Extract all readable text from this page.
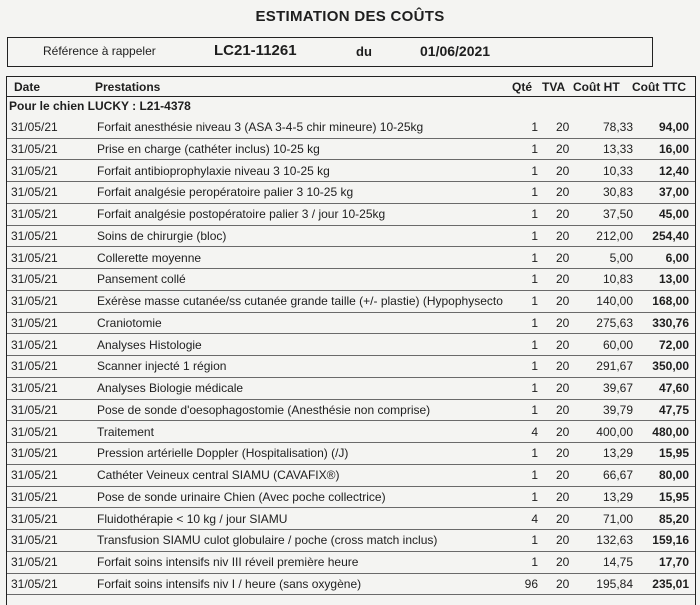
ESTIMATION DES COÛTS
Référence à rappeler	LC21-11261	du	01/06/2021
Date	Prestations	Qté TVA Coût HT Coût TTC
Pour le chien LUCKY : L21-4378
31/05/21	Forfait anesthésie niveau 3 (ASA 3-4-5 chir mineure) 10-25kg	1 20	78,33 94,00
31/05/21	Prise en charge (cathéter inclus) 10-25 kg	1 20	13,33 16,00
31/05/21	Forfait antibioprophylaxie niveau 3 10-25 kg	1 20	10,33 12,40
31/05/21	Forfait analgésie peropératoire palier 3 10-25 kg	1 20	30,83 37,00
31/05/21	Forfait analgésie postopératoire palier 3 / jour 10-25kg	1 20	37,50 45,00
31/05/21	Soins de chirurgie (bloc)	1 20 212,00 254,40
31/05/21	Collerette moyenne	1 20	5,00	6,00
31/05/21	Pansement collé	1 20	10,83 13,00
31/05/21	Exérèse masse cutanée/ss cutanée grande taille (+/- plastie) (Hypophysecto 1 20 140,00 168,00
31/05/21	Craniotomie	1 20 275,63 330,76
31/05/21	Analyses Histologie	1 20	60,00 72,00
31/05/21	Scanner injecté 1 région	1 20 291,67 350,00
31/05/21	Analyses Biologie médicale	1 20	39,67 47,60
31/05/21	Pose de sonde d'oesophagostomie (Anesthésie non comprise)	1 20	39,79 47,75
31/05/21	Traitement	4 20 400,00 480,00
31/05/21	Pression artérielle Doppler (Hospitalisation) (/J)	1 20	13,29 15,95
31/05/21	Cathéter Veineux central SIAMU (CAVAFIX®)	1 20	66,67 80,00
31/05/21	Pose de sonde urinaire Chien (Avec poche collectrice)	1 20	13,29 15,95
31/05/21	Fluidothérapie < 10 kg / jour SIAMU	4 20	71,00 85,20
31/05/21	Transfusion SIAMU culot globulaire / poche (cross match inclus)	1 20 132,63 159,16
31/05/21	Forfait soins intensifs niv III réveil première heure	1 20	14,75 17,70
31/05/21	Forfait soins intensifs niv I / heure (sans oxygène)	96 20 195,84 235,01
